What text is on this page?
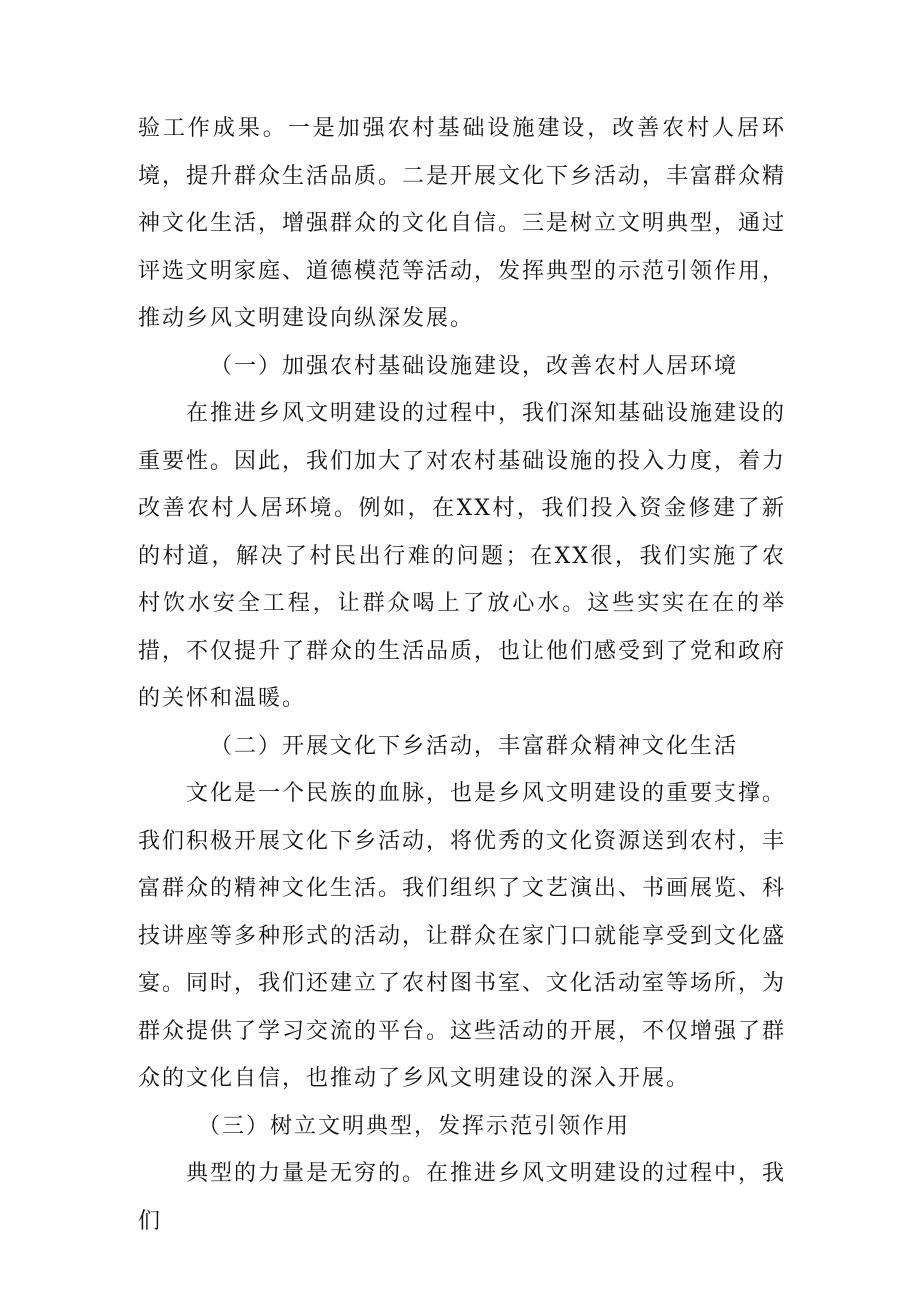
验工作成果。一是加强农村基础设施建设，改善农村人居环境，提升群众生活品质。二是开展文化下乡活动，丰富群众精神文化生活，增强群众的文化自信。三是树立文明典型，通过评选文明家庭、道德模范等活动，发挥典型的示范引领作用，推动乡风文明建设向纵深发展。

（一）加强农村基础设施建设，改善农村人居环境

在推进乡风文明建设的过程中，我们深知基础设施建设的重要性。因此，我们加大了对农村基础设施的投入力度，着力改善农村人居环境。例如，在XX村，我们投入资金修建了新的村道，解决了村民出行难的问题；在XX很，我们实施了农村饮水安全工程，让群众喝上了放心水。这些实实在在的举措，不仅提升了群众的生活品质，也让他们感受到了党和政府的关怀和温暖。

（二）开展文化下乡活动，丰富群众精神文化生活

文化是一个民族的血脉，也是乡风文明建设的重要支撑。我们积极开展文化下乡活动，将优秀的文化资源送到农村，丰富群众的精神文化生活。我们组织了文艺演出、书画展览、科技讲座等多种形式的活动，让群众在家门口就能享受到文化盛宴。同时，我们还建立了农村图书室、文化活动室等场所，为群众提供了学习交流的平台。这些活动的开展，不仅增强了群众的文化自信，也推动了乡风文明建设的深入开展。

（三）树立文明典型，发挥示范引领作用

典型的力量是无穷的。在推进乡风文明建设的过程中，我们
